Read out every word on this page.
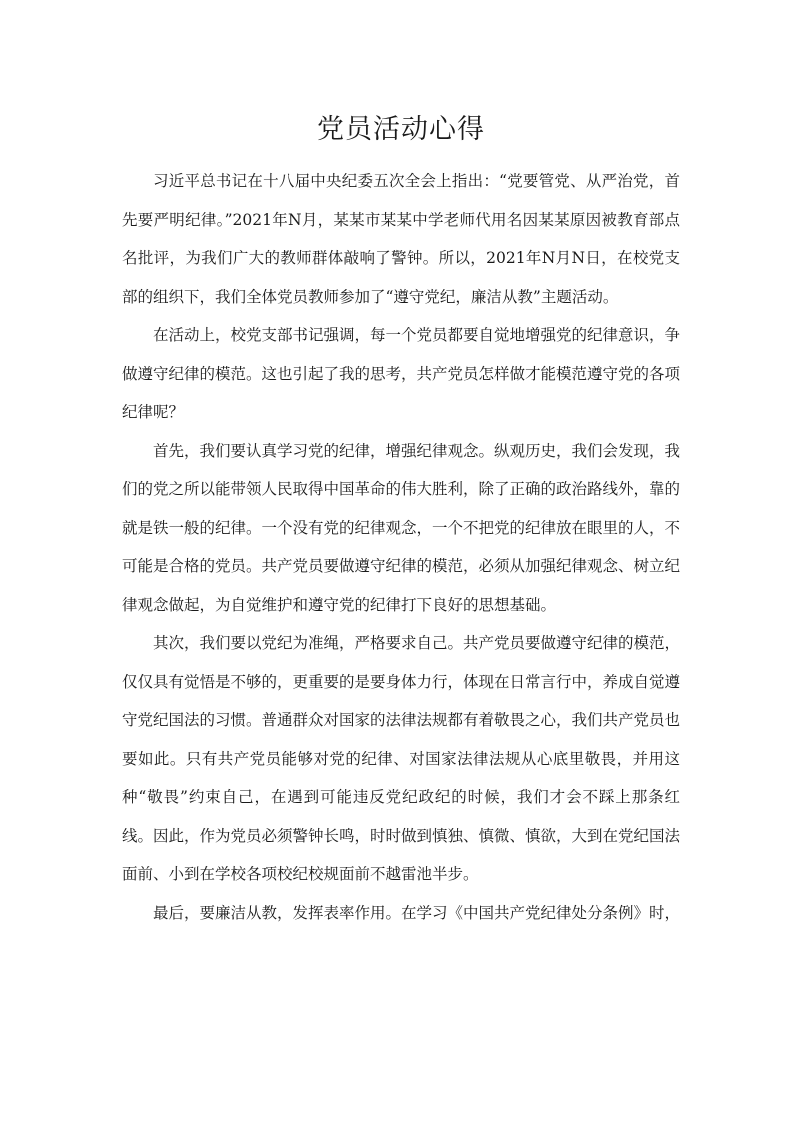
党员活动心得

习近平总书记在十八届中央纪委五次全会上指出：“党要管党、从严治党，首先要严明纪律。”2021年N月，某某市某某中学老师代用名因某某原因被教育部点名批评，为我们广大的教师群体敲响了警钟。所以，2021年N月N日，在校党支部的组织下，我们全体党员教师参加了“遵守党纪，廉洁从教”主题活动。

在活动上，校党支部书记强调，每一个党员都要自觉地增强党的纪律意识，争做遵守纪律的模范。这也引起了我的思考，共产党员怎样做才能模范遵守党的各项纪律呢？

首先，我们要认真学习党的纪律，增强纪律观念。纵观历史，我们会发现，我们的党之所以能带领人民取得中国革命的伟大胜利，除了正确的政治路线外，靠的就是铁一般的纪律。一个没有党的纪律观念，一个不把党的纪律放在眼里的人，不可能是合格的党员。共产党员要做遵守纪律的模范，必须从加强纪律观念、树立纪律观念做起，为自觉维护和遵守党的纪律打下良好的思想基础。

其次，我们要以党纪为准绳，严格要求自己。共产党员要做遵守纪律的模范，仅仅具有觉悟是不够的，更重要的是要身体力行，体现在日常言行中，养成自觉遵守党纪国法的习惯。普通群众对国家的法律法规都有着敬畏之心，我们共产党员也要如此。只有共产党员能够对党的纪律、对国家法律法规从心底里敬畏，并用这种“敬畏”约束自己，在遇到可能违反党纪政纪的时候，我们才会不踩上那条红线。因此，作为党员必须警钟长鸣，时时做到慎独、慎微、慎欲，大到在党纪国法面前、小到在学校各项校纪校规面前不越雷池半步。

最后，要廉洁从教，发挥表率作用。在学习《中国共产党纪律处分条例》时，
